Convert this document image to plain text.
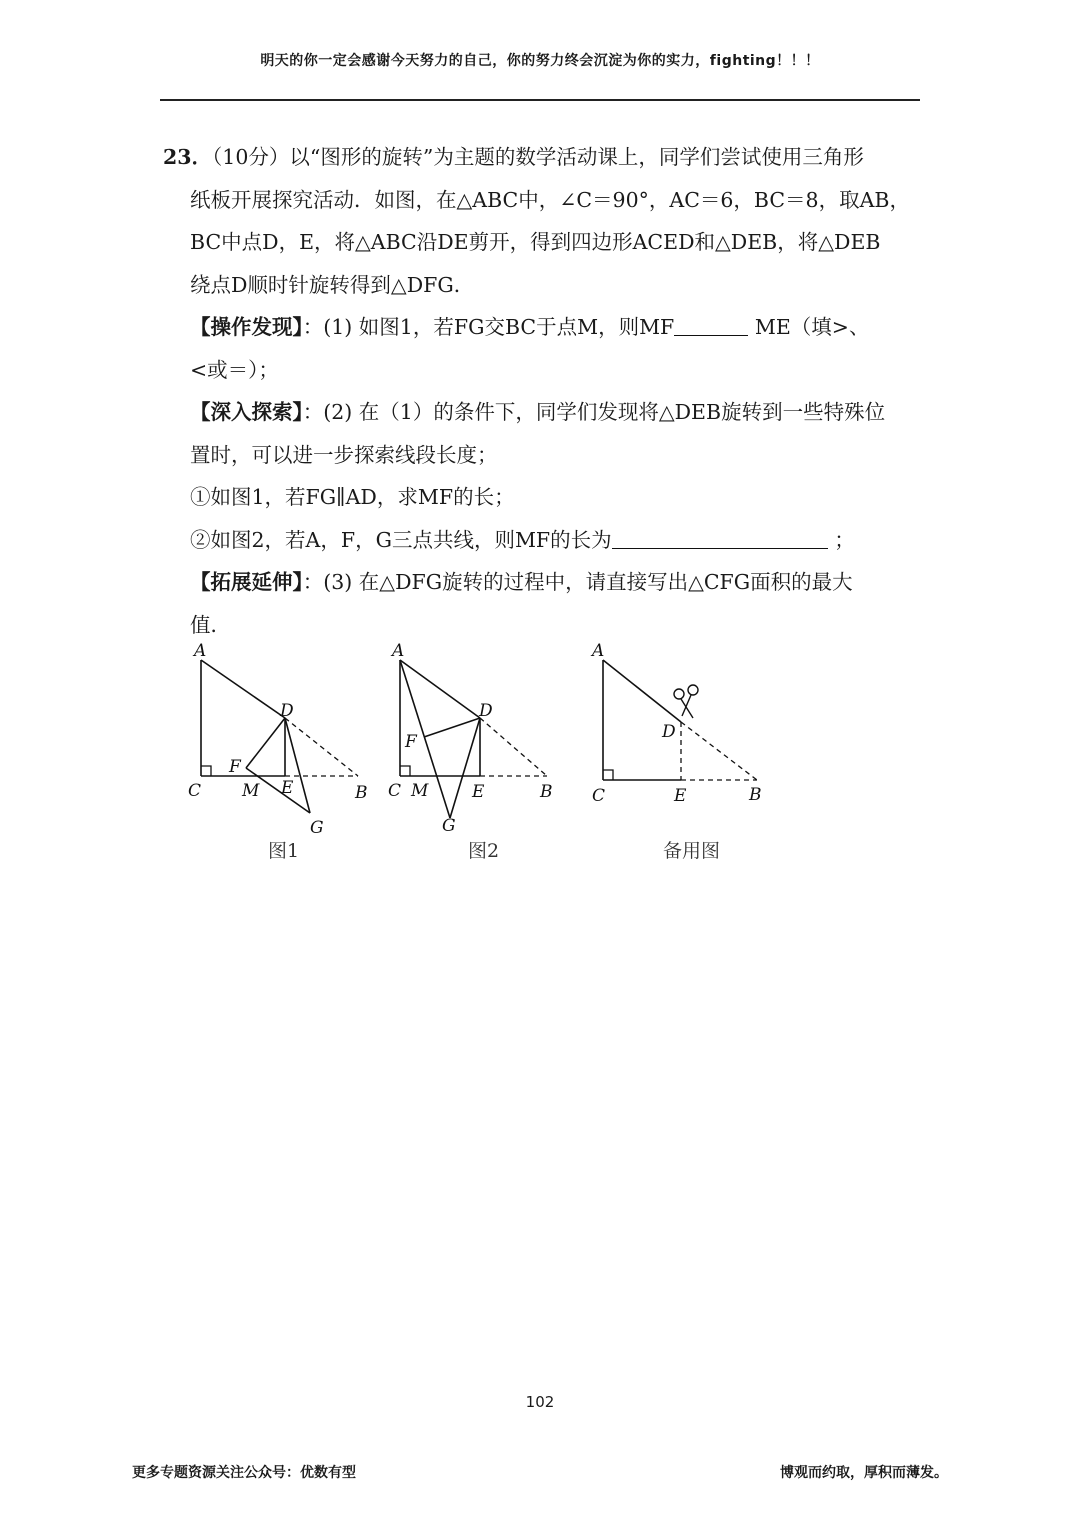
明天的你一定会感谢今天努力的自己，你的努力终会沉淀为你的实力，fighting！！！

23．（10分）以“图形的旋转”为主题的数学活动课上，同学们尝试使用三角形

纸板开展探究活动．如图，在△ABC中，∠C＝90°，AC＝6，BC＝8，取AB，

BC中点D，E，将△ABC沿DE剪开，得到四边形ACED和△DEB，将△DEB

绕点D顺时针旋转得到△DFG．

【操作发现】：(1) 如图1，若FG交BC于点M，则MF	ME（填>、

<或＝）；

【深入探索】：(2) 在（1）的条件下，同学们发现将△DEB旋转到一些特殊位

置时，可以进一步探索线段长度；

①如图1，若FG∥AD，求MF的长；

②如图2，若A，F，G三点共线，则MF的长为	；

【拓展延伸】：(3) 在△DFG旋转的过程中，请直接写出△CFG面积的最大

值．

A
D
F
C M E	B
G
图1
A
D
F
C M	E	B
G
图2
A
D
C	E	B
备用图
102
更多专题资源关注公众号：优数有型	博观而约取，厚积而薄发。
